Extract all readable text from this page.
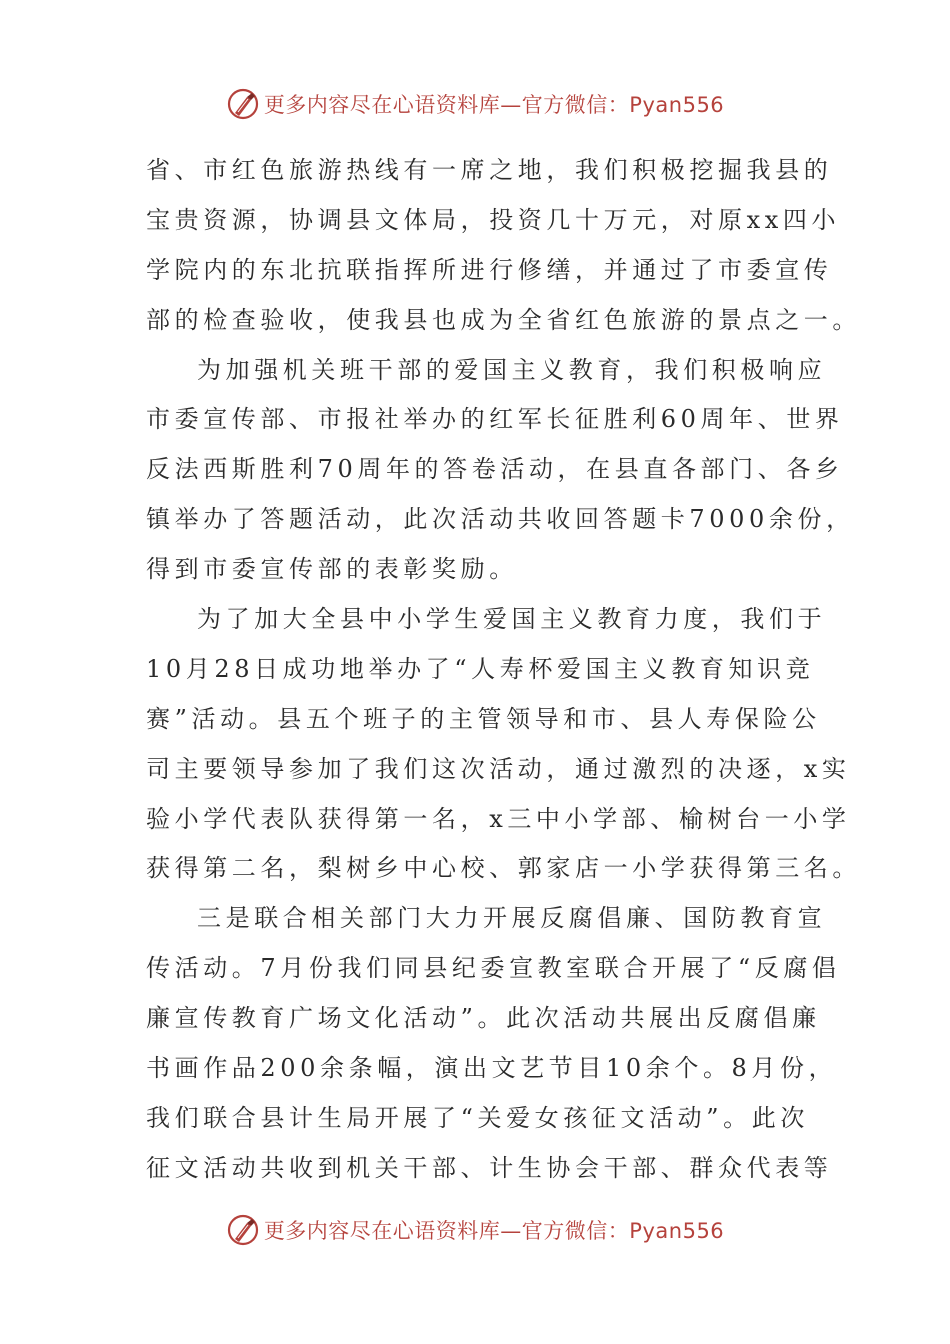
更多内容尽在心语资料库—官方微信：Pyan556
省、市红色旅游热线有一席之地，我们积极挖掘我县的
宝贵资源，协调县文体局，投资几十万元，对原xx四小
学院内的东北抗联指挥所进行修缮，并通过了市委宣传
部的检查验收，使我县也成为全省红色旅游的景点之一。
为加强机关班干部的爱国主义教育，我们积极响应
市委宣传部、市报社举办的红军长征胜利60周年、世界
反法西斯胜利70周年的答卷活动，在县直各部门、各乡
镇举办了答题活动，此次活动共收回答题卡7000余份，
得到市委宣传部的表彰奖励。
为了加大全县中小学生爱国主义教育力度，我们于
10月28日成功地举办了“人寿杯爱国主义教育知识竞
赛”活动。县五个班子的主管领导和市、县人寿保险公
司主要领导参加了我们这次活动，通过激烈的决逐，x实
验小学代表队获得第一名，x三中小学部、榆树台一小学
获得第二名，梨树乡中心校、郭家店一小学获得第三名。
三是联合相关部门大力开展反腐倡廉、国防教育宣
传活动。7月份我们同县纪委宣教室联合开展了“反腐倡
廉宣传教育广场文化活动”。此次活动共展出反腐倡廉
书画作品200余条幅，演出文艺节目10余个。8月份，
我们联合县计生局开展了“关爱女孩征文活动”。此次
征文活动共收到机关干部、计生协会干部、群众代表等
更多内容尽在心语资料库—官方微信：Pyan556
